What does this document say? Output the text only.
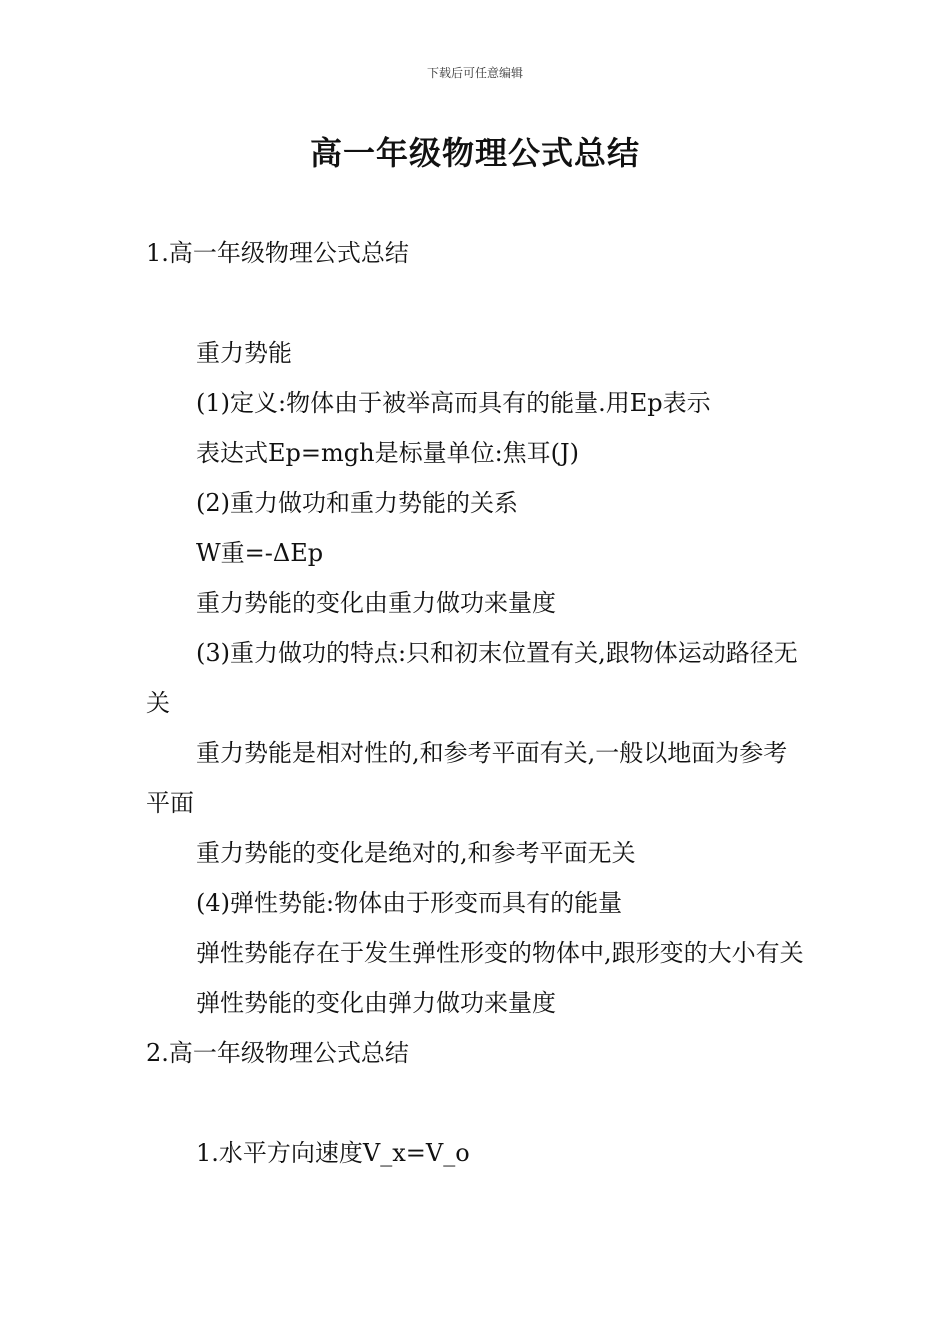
下载后可任意编辑
高一年级物理公式总结

1.高一年级物理公式总结

重力势能

(1)定义:物体由于被举高而具有的能量.用Ep表示

表达式Ep=mgh是标量单位:焦耳(J)

(2)重力做功和重力势能的关系

W重=-ΔEp

重力势能的变化由重力做功来量度

(3)重力做功的特点:只和初末位置有关,跟物体运动路径无关

重力势能是相对性的,和参考平面有关,一般以地面为参考平面

重力势能的变化是绝对的,和参考平面无关

(4)弹性势能:物体由于形变而具有的能量

弹性势能存在于发生弹性形变的物体中,跟形变的大小有关

弹性势能的变化由弹力做功来量度

2.高一年级物理公式总结

1.水平方向速度V_x=V_o
